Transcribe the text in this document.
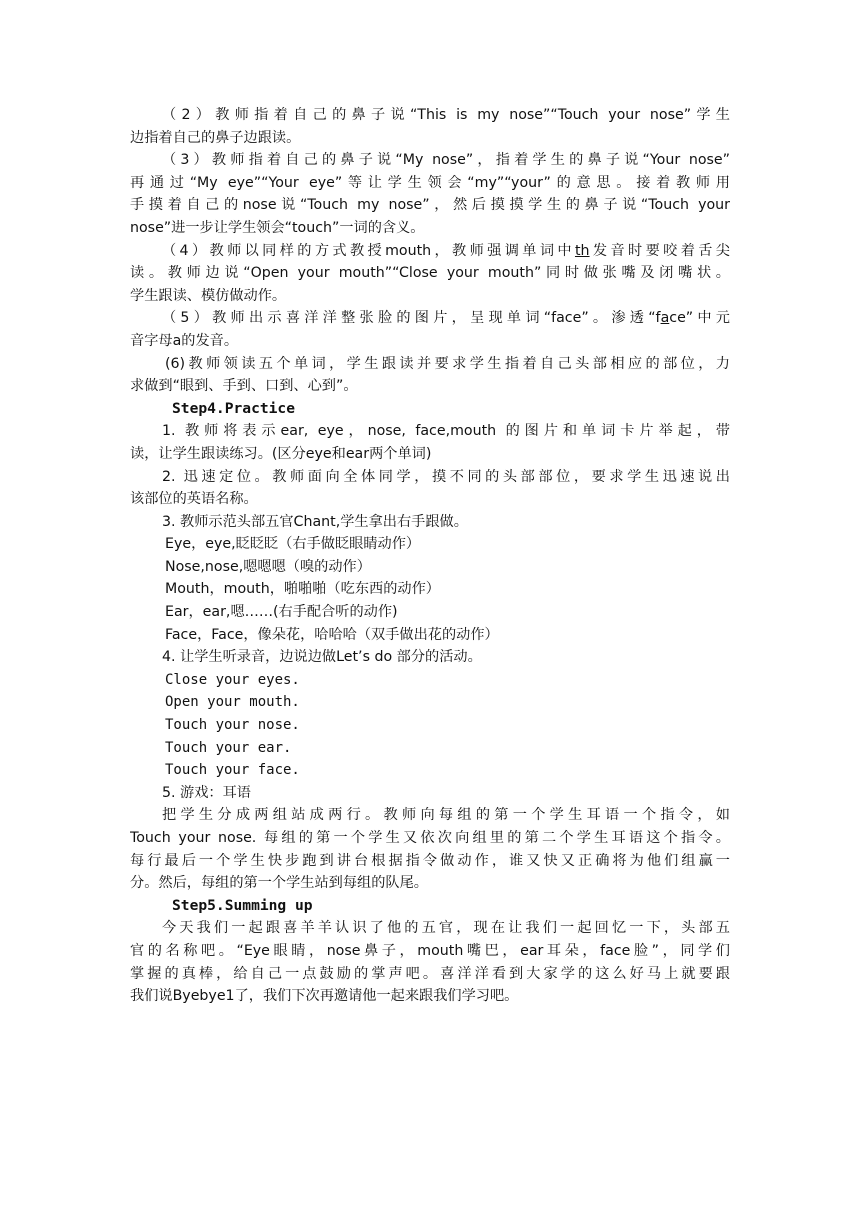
（2）教师指着自己的鼻子说“This is my nose”“Touch your nose”学生
边指着自己的鼻子边跟读。
（3）教师指着自己的鼻子说“My nose”，指着学生的鼻子说“Your nose”
再通过“My eye”“Your eye”等让学生领会“my”“your”的意思。接着教师用
手摸着自己的nose说“Touch my nose”，然后摸摸学生的鼻子说“Touch your
nose”进一步让学生领会“touch”一词的含义。
（4）教师以同样的方式教授mouth，教师强调单词中th发音时要咬着舌尖
读。教师边说“Open your mouth”“Close your mouth”同时做张嘴及闭嘴状。
学生跟读、模仿做动作。
（5）教师出示喜洋洋整张脸的图片，呈现单词“face”。渗透“face”中元
音字母a的发音。
(6)教师领读五个单词，学生跟读并要求学生指着自己头部相应的部位，力
求做到“眼到、手到、口到、心到”。
Step4.Practice
1. 教师将表示ear, eye，nose, face,mouth 的图片和单词卡片举起，带
读，让学生跟读练习。(区分eye和ear两个单词)
2. 迅速定位。教师面向全体同学，摸不同的头部部位，要求学生迅速说出
该部位的英语名称。
3. 教师示范头部五官Chant,学生拿出右手跟做。
Eye，eye,眨眨眨（右手做眨眼睛动作）
Nose,nose,嗯嗯嗯（嗅的动作）
Mouth，mouth，啪啪啪（吃东西的动作）
Ear，ear,嗯……(右手配合听的动作)
Face，Face，像朵花，哈哈哈（双手做出花的动作）
4. 让学生听录音，边说边做Let’s do 部分的活动。
Close your eyes.
Open your mouth.
Touch your nose.
Touch your ear.
Touch your face.
5. 游戏：耳语
把学生分成两组站成两行。教师向每组的第一个学生耳语一个指令，如
Touch your nose. 每组的第一个学生又依次向组里的第二个学生耳语这个指令。
每行最后一个学生快步跑到讲台根据指令做动作，谁又快又正确将为他们组赢一
分。然后，每组的第一个学生站到每组的队尾。
Step5.Summing up
今天我们一起跟喜羊羊认识了他的五官，现在让我们一起回忆一下，头部五
官的名称吧。“Eye眼睛，nose鼻子，mouth嘴巴，ear耳朵，face脸”，同学们
掌握的真棒，给自己一点鼓励的掌声吧。喜洋洋看到大家学的这么好马上就要跟
我们说Byebye1了，我们下次再邀请他一起来跟我们学习吧。
